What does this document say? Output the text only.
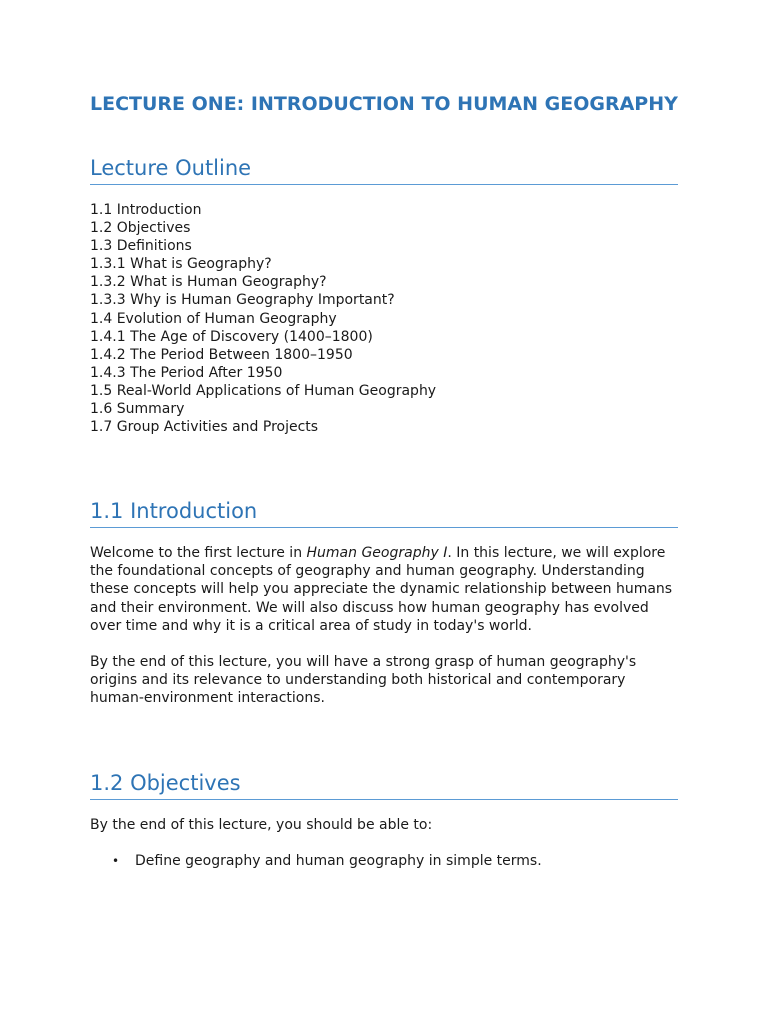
LECTURE ONE: INTRODUCTION TO HUMAN GEOGRAPHY
Lecture Outline
1.1 Introduction
1.2 Objectives
1.3 Definitions
1.3.1 What is Geography?
1.3.2 What is Human Geography?
1.3.3 Why is Human Geography Important?
1.4 Evolution of Human Geography
1.4.1 The Age of Discovery (1400–1800)
1.4.2 The Period Between 1800–1950
1.4.3 The Period After 1950
1.5 Real-World Applications of Human Geography
1.6 Summary
1.7 Group Activities and Projects
1.1 Introduction

Welcome to the first lecture in Human Geography I. In this lecture, we will explore the foundational concepts of geography and human geography. Understanding these concepts will help you appreciate the dynamic relationship between humans and their environment. We will also discuss how human geography has evolved over time and why it is a critical area of study in today's world.

By the end of this lecture, you will have a strong grasp of human geography's origins and its relevance to understanding both historical and contemporary human-environment interactions.

1.2 Objectives

By the end of this lecture, you should be able to:

• Define geography and human geography in simple terms.
